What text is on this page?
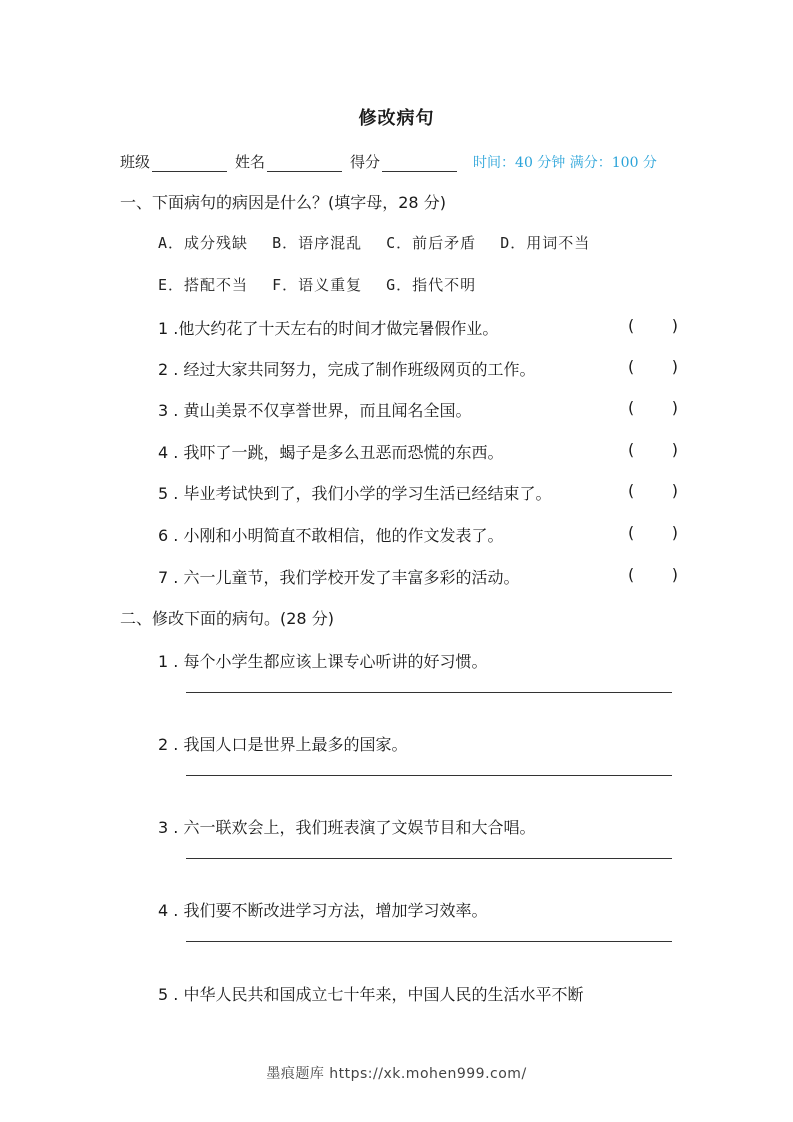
修改病句
班级	姓名	得分	时间：40 分钟 满分：100 分
一、下面病句的病因是什么？(填字母，28 分)
A．成分残缺 B．语序混乱 C．前后矛盾 D．用词不当
E．搭配不当 F．语义重复 G．指代不明
1 .他大约花了十天左右的时间才做完暑假作业。	( )
2 . 经过大家共同努力，完成了制作班级网页的工作。	( )
3 . 黄山美景不仅享誉世界，而且闻名全国。	( )
4 . 我吓了一跳，蝎子是多么丑恶而恐慌的东西。	( )
5 . 毕业考试快到了，我们小学的学习生活已经结束了。	( )
6 . 小刚和小明简直不敢相信，他的作文发表了。	( )
7 . 六一儿童节，我们学校开发了丰富多彩的活动。	( )
二、修改下面的病句。(28 分)
1 . 每个小学生都应该上课专心听讲的好习惯。
2 . 我国人口是世界上最多的国家。
3 . 六一联欢会上，我们班表演了文娱节目和大合唱。
4 . 我们要不断改进学习方法，增加学习效率。
5 . 中华人民共和国成立七十年来，中国人民的生活水平不断
墨痕题库 https://xk.mohen999.com/
